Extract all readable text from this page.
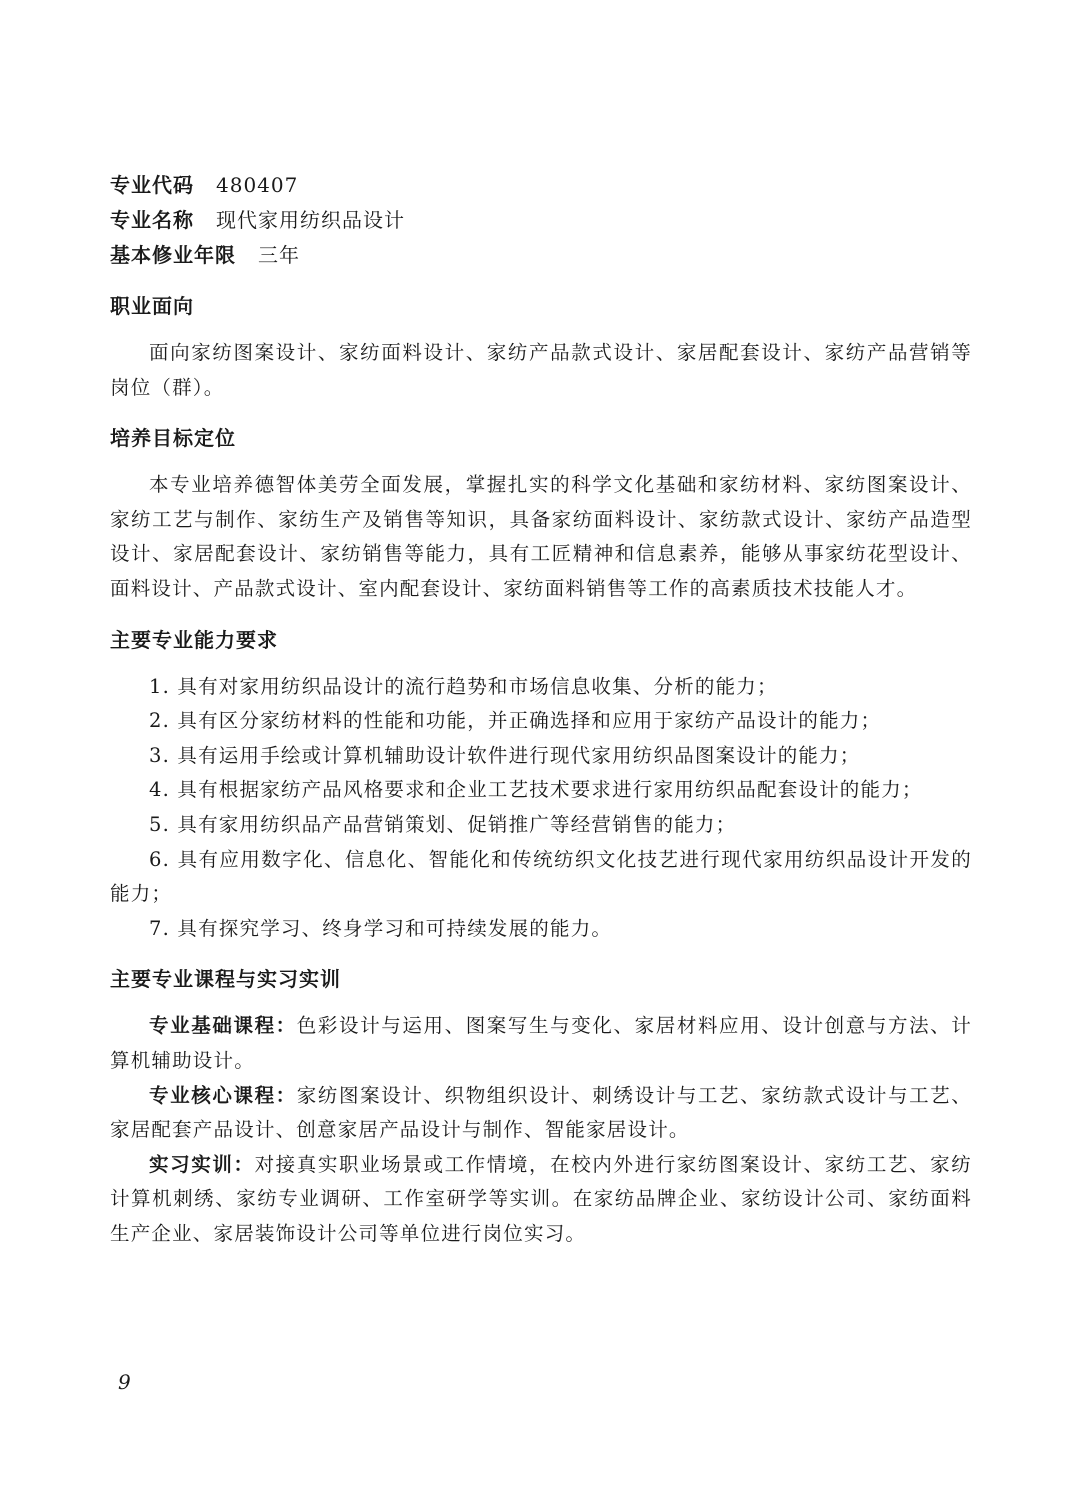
专业代码 480407
专业名称 现代家用纺织品设计
基本修业年限 三年
职业面向

面向家纺图案设计、家纺面料设计、家纺产品款式设计、家居配套设计、家纺产品营销等岗位（群）。

培养目标定位

本专业培养德智体美劳全面发展，掌握扎实的科学文化基础和家纺材料、家纺图案设计、家纺工艺与制作、家纺生产及销售等知识，具备家纺面料设计、家纺款式设计、家纺产品造型设计、家居配套设计、家纺销售等能力，具有工匠精神和信息素养，能够从事家纺花型设计、面料设计、产品款式设计、室内配套设计、家纺面料销售等工作的高素质技术技能人才。

主要专业能力要求

1. 具有对家用纺织品设计的流行趋势和市场信息收集、分析的能力；

2. 具有区分家纺材料的性能和功能，并正确选择和应用于家纺产品设计的能力；

3. 具有运用手绘或计算机辅助设计软件进行现代家用纺织品图案设计的能力；

4. 具有根据家纺产品风格要求和企业工艺技术要求进行家用纺织品配套设计的能力；

5. 具有家用纺织品产品营销策划、促销推广等经营销售的能力；

6. 具有应用数字化、信息化、智能化和传统纺织文化技艺进行现代家用纺织品设计开发的能力；

7. 具有探究学习、终身学习和可持续发展的能力。

主要专业课程与实习实训

专业基础课程：色彩设计与运用、图案写生与变化、家居材料应用、设计创意与方法、计算机辅助设计。

专业核心课程：家纺图案设计、织物组织设计、刺绣设计与工艺、家纺款式设计与工艺、家居配套产品设计、创意家居产品设计与制作、智能家居设计。

实习实训：对接真实职业场景或工作情境，在校内外进行家纺图案设计、家纺工艺、家纺计算机刺绣、家纺专业调研、工作室研学等实训。在家纺品牌企业、家纺设计公司、家纺面料生产企业、家居装饰设计公司等单位进行岗位实习。

9
